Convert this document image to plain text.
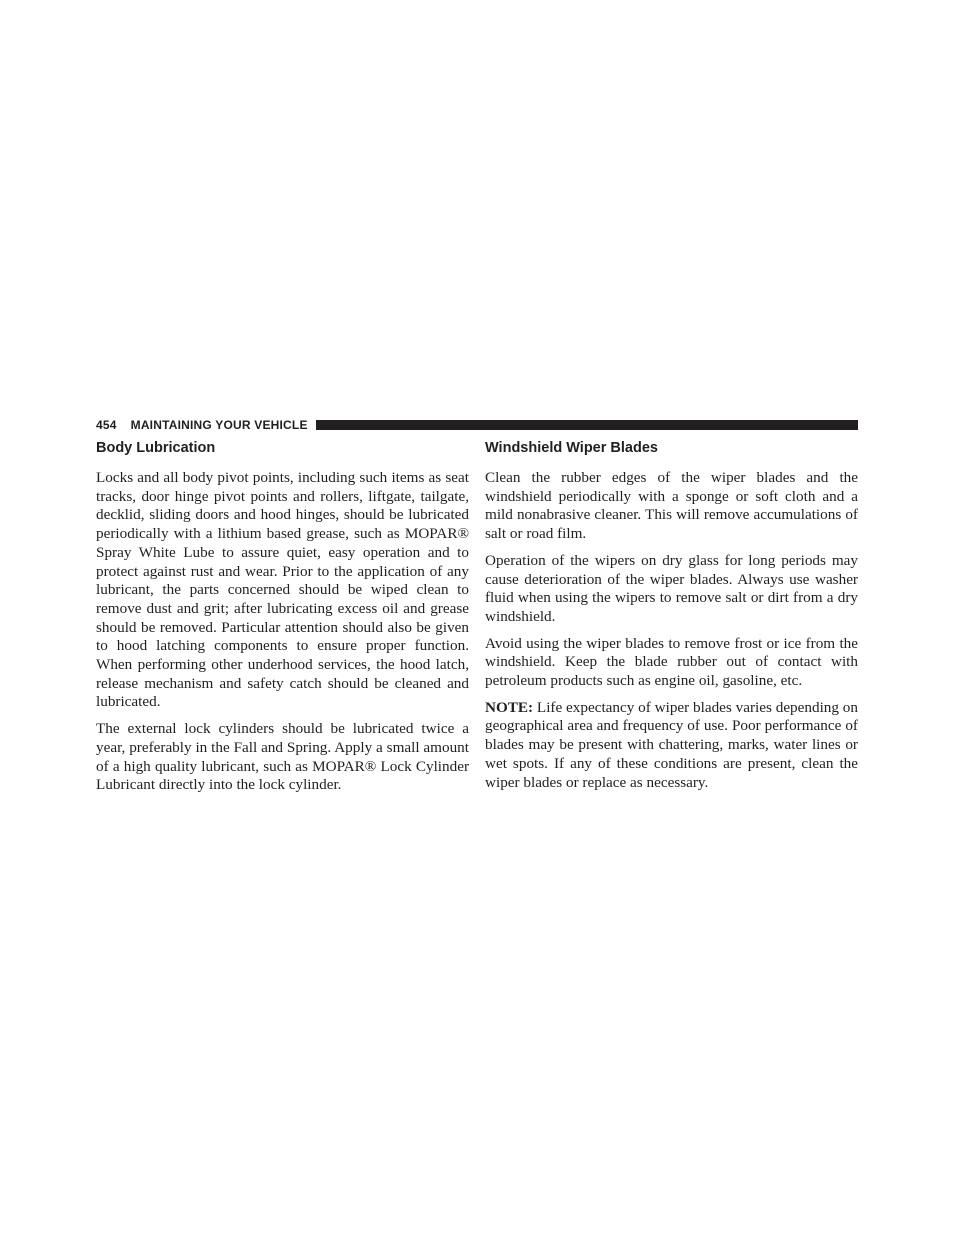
454 MAINTAINING YOUR VEHICLE
Body Lubrication

Locks and all body pivot points, including such items as seat tracks, door hinge pivot points and rollers, liftgate, tailgate, decklid, sliding doors and hood hinges, should be lubricated periodically with a lithium based grease, such as MOPAR® Spray White Lube to assure quiet, easy operation and to protect against rust and wear. Prior to the application of any lubricant, the parts concerned should be wiped clean to remove dust and grit; after lubricating excess oil and grease should be removed. Particular attention should also be given to hood latching components to ensure proper function. When performing other underhood services, the hood latch, release mechanism and safety catch should be cleaned and lubricated.

The external lock cylinders should be lubricated twice a year, preferably in the Fall and Spring. Apply a small amount of a high quality lubricant, such as MOPAR® Lock Cylinder Lubricant directly into the lock cylinder.

Windshield Wiper Blades

Clean the rubber edges of the wiper blades and the windshield periodically with a sponge or soft cloth and a mild nonabrasive cleaner. This will remove accumulations of salt or road film.

Operation of the wipers on dry glass for long periods may cause deterioration of the wiper blades. Always use washer fluid when using the wipers to remove salt or dirt from a dry windshield.

Avoid using the wiper blades to remove frost or ice from the windshield. Keep the blade rubber out of contact with petroleum products such as engine oil, gasoline, etc.

NOTE: Life expectancy of wiper blades varies depending on geographical area and frequency of use. Poor performance of blades may be present with chattering, marks, water lines or wet spots. If any of these conditions are present, clean the wiper blades or replace as necessary.
